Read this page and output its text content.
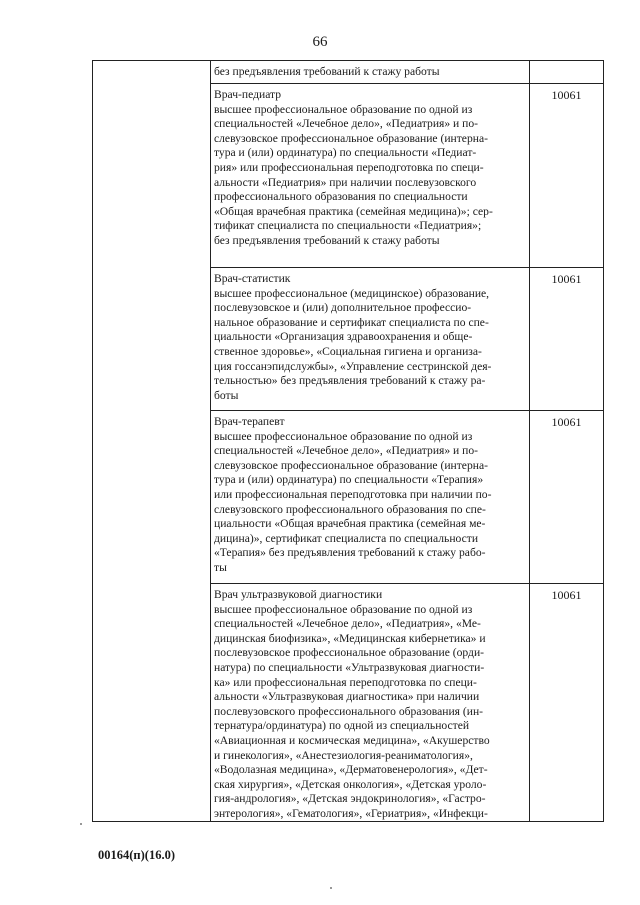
66
без предъявления требований к стажу работы
Врач-педиатр
высшее профессиональное образование по одной из
специальностей «Лечебное дело», «Педиатрия» и по-
слевузовское профессиональное образование (интерна-
тура и (или) ординатура) по специальности «Педиат-
рия» или профессиональная переподготовка по специ-
альности «Педиатрия» при наличии послевузовского
профессионального образования по специальности
«Общая врачебная практика (семейная медицина)»; сер-
тификат специалиста по специальности «Педиатрия»;
без предъявления требований к стажу работы
10061
Врач-статистик
высшее профессиональное (медицинское) образование,
послевузовское и (или) дополнительное профессио-
нальное образование и сертификат специалиста по спе-
циальности «Организация здравоохранения и обще-
ственное здоровье», «Социальная гигиена и организа-
ция госсанэпидслужбы», «Управление сестринской дея-
тельностью» без предъявления требований к стажу ра-
боты
10061
Врач-терапевт
высшее профессиональное образование по одной из
специальностей «Лечебное дело», «Педиатрия» и по-
слевузовское профессиональное образование (интерна-
тура и (или) ординатура) по специальности «Терапия»
или профессиональная переподготовка при наличии по-
слевузовского профессионального образования по спе-
циальности «Общая врачебная практика (семейная ме-
дицина)», сертификат специалиста по специальности
«Терапия» без предъявления требований к стажу рабо-
ты
10061
Врач ультразвуковой диагностики
высшее профессиональное образование по одной из
специальностей «Лечебное дело», «Педиатрия», «Ме-
дицинская биофизика», «Медицинская кибернетика» и
послевузовское профессиональное образование (орди-
натура) по специальности «Ультразвуковая диагности-
ка» или профессиональная переподготовка по специ-
альности «Ультразвуковая диагностика» при наличии
послевузовского профессионального образования (ин-
тернатура/ординатура) по одной из специальностей
«Авиационная и космическая медицина», «Акушерство
и гинекология», «Анестезиология-реаниматология»,
«Водолазная медицина», «Дерматовенерология», «Дет-
ская хирургия», «Детская онкология», «Детская уроло-
гия-андрология», «Детская эндокринология», «Гастро-
энтерология», «Гематология», «Гериатрия», «Инфекци-
10061
00164(п)(16.0)
